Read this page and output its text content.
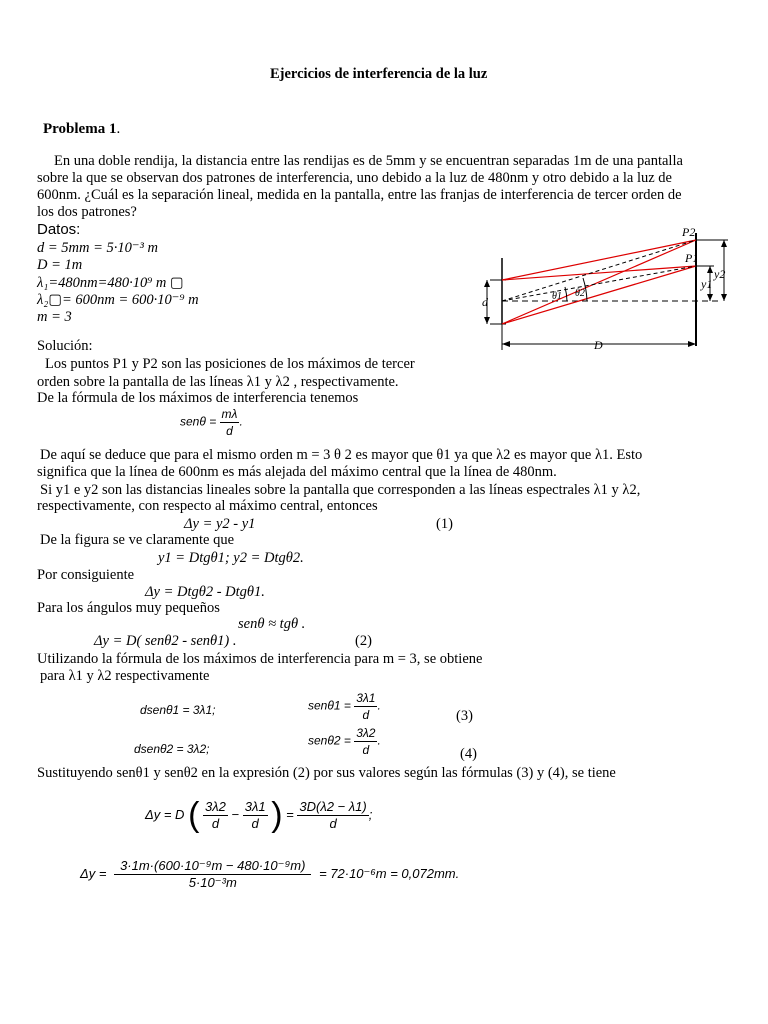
Ejercicios de interferencia de la luz
Problema 1.
En una doble rendija, la distancia entre las rendijas es de 5mm y se encuentran separadas 1m de una pantalla
sobre la que se observan dos patrones de interferencia, uno debido a la luz de 480nm y otro debido a la luz de
600nm. ¿Cuál es la separación lineal, medida en la pantalla, entre las franjas de interferencia de tercer orden de
los dos patrones?
Datos:
d = 5mm = 5·10⁻³ m
D = 1m
λ₁=480nm=480·10⁹ m ▢
λ₂▢= 600nm = 600·10⁻⁹ m
m = 3
d	θ1 θ2
P2
P1
y2
y1
D
Solución:
Los puntos P1 y P2 son las posiciones de los máximos de tercer
orden sobre la pantalla de las líneas λ1 y λ2 , respectivamente.
De la fórmula de los máximos de interferencia tenemos
$sen\theta = \frac{m\lambda}{d}$ .
De aquí se deduce que para el mismo orden m = 3 θ 2 es mayor que θ1 ya que λ2 es mayor que λ1. Esto
significa que la línea de 600nm es más alejada del máximo central que la línea de 480nm.
Si y1 e y2 son las distancias lineales sobre la pantalla que corresponden a las líneas espectrales λ1 y λ2,
respectivamente, con respecto al máximo central, entonces
Δy = y2 - y1	(1)
De la figura se ve claramente que
y1 = Dtgθ1; y2 = Dtgθ2.
Por consiguiente
Δy = Dtgθ2 - Dtgθ1.
Para los ángulos muy pequeños
senθ ≈ tgθ .
Δy = D( senθ2 - senθ1) .	(2)
Utilizando la fórmula de los máximos de interferencia para m = 3, se obtiene
para λ1 y λ2 respectivamente
dsenθ1 = 3λ1;	$sen\theta 1 = \frac{3\lambda 1}{d}$ .
(3)
dsenθ2 = 3λ2;
$sen\theta 2 = \frac{3\lambda 2}{d}$ .
(4)
Sustituyendo senθ1 y senθ2 en la expresión (2) por sus valores según las fórmulas (3) y (4), se tiene
Δy = D ( $\frac{3\lambda 2}{d} - \frac{3\lambda 1}{d}$ ) = $\frac{3D(\lambda 2 - \lambda 1)}{d}$ ;
$\Delta y = \frac{\text{3·1m·(600·10⁻⁹m − 480·10⁻⁹m)}}{\text{5·10⁻³m}} = 72\cdot 10^{-6}m = 0,072mm$.
